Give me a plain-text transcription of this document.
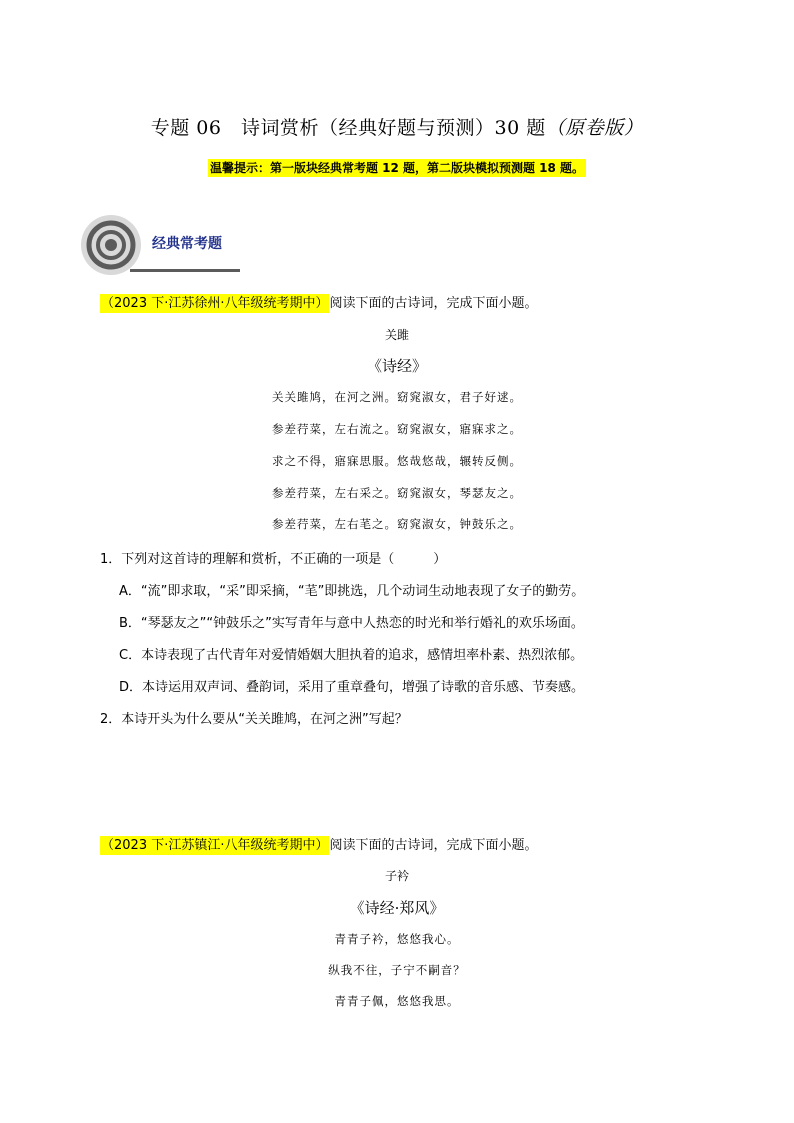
专题 06　诗词赏析（经典好题与预测）30 题（原卷版）
温馨提示：第一版块经典常考题 12 题，第二版块模拟预测题 18 题。
经典常考题
（2023 下·江苏徐州·八年级统考期中）阅读下面的古诗词，完成下面小题。
关雎
《诗经》
关关雎鸠，在河之洲。窈窕淑女，君子好逑。
参差荇菜，左右流之。窈窕淑女，寤寐求之。
求之不得，寤寐思服。悠哉悠哉，辗转反侧。
参差荇菜，左右采之。窈窕淑女，琴瑟友之。
参差荇菜，左右芼之。窈窕淑女，钟鼓乐之。
1．下列对这首诗的理解和赏析，不正确的一项是（　　　）
A．“流”即求取，“采”即采摘，“芼”即挑选，几个动词生动地表现了女子的勤劳。
B．“琴瑟友之”“钟鼓乐之”实写青年与意中人热恋的时光和举行婚礼的欢乐场面。
C．本诗表现了古代青年对爱情婚姻大胆执着的追求，感情坦率朴素、热烈浓郁。
D．本诗运用双声词、叠韵词，采用了重章叠句，增强了诗歌的音乐感、节奏感。
2．本诗开头为什么要从“关关雎鸠，在河之洲”写起？
（2023 下·江苏镇江·八年级统考期中）阅读下面的古诗词，完成下面小题。
子衿
《诗经·郑风》
青青子衿，悠悠我心。
纵我不往，子宁不嗣音？
青青子佩，悠悠我思。
